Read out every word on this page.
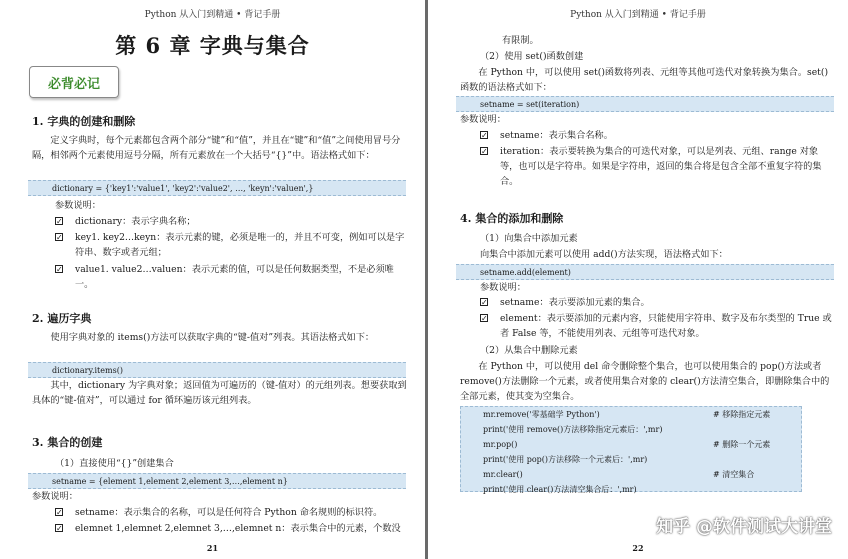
Python 从入门到精通 • 背记手册
第 6 章 字典与集合
必背必记
1. 字典的创建和删除
定义字典时，每个元素都包含两个部分“键”和“值”，并且在“键”和“值”之间使用冒号分隔，相邻两个元素使用逗号分隔，所有元素放在一个大括号“{}”中。语法格式如下：
dictionary = {'key1':'value1', 'key2':'value2', …, 'keyn':'valuen',}
参数说明：
✓ dictionary：表示字典名称；
✓ key1. key2…keyn：表示元素的键，必须是唯一的，并且不可变，例如可以是字符串、数字或者元组；
✓ value1. value2…valuen：表示元素的值，可以是任何数据类型，不是必须唯一。
2. 遍历字典
使用字典对象的 items()方法可以获取字典的“键-值对”列表。其语法格式如下：
dictionary.items()
其中，dictionary 为字典对象；返回值为可遍历的（键-值对）的元组列表。想要获取到具体的“键-值对”，可以通过 for 循环遍历该元组列表。
3. 集合的创建
（1）直接使用“{}”创建集合
setname = {element 1,element 2,element 3,…,element n}
参数说明：
✓ setname：表示集合的名称，可以是任何符合 Python 命名规则的标识符。
✓ elemnet 1,elemnet 2,elemnet 3,…,elemnet n：表示集合中的元素，个数没
21
Python 从入门到精通 • 背记手册
有限制。
（2）使用 set()函数创建
在 Python 中，可以使用 set()函数将列表、元组等其他可迭代对象转换为集合。set()函数的语法格式如下：
setname = set(iteration)
参数说明：
✓ setname：表示集合名称。
✓ iteration：表示要转换为集合的可迭代对象，可以是列表、元组、range 对象等，也可以是字符串。如果是字符串，返回的集合将是包含全部不重复字符的集合。
4. 集合的添加和删除
（1）向集合中添加元素
向集合中添加元素可以使用 add()方法实现，语法格式如下：
setname.add(element)
参数说明：
✓ setname：表示要添加元素的集合。
✓ element：表示要添加的元素内容，只能使用字符串、数字及布尔类型的 True 或者 False 等，不能使用列表、元组等可迭代对象。
（2）从集合中删除元素
在 Python 中，可以使用 del 命令删除整个集合，也可以使用集合的 pop()方法或者 remove()方法删除一个元素，或者使用集合对象的 clear()方法清空集合，即删除集合中的全部元素，使其变为空集合。
mr.remove('零基础学 Python')	# 移除指定元素
print('使用 remove()方法移除指定元素后：',mr)
mr.pop()	# 删除一个元素
print('使用 pop()方法移除一个元素后：',mr)
mr.clear()	# 清空集合
print('使用 clear()方法清空集合后：',mr)
22
知乎 @软件测试大讲堂
